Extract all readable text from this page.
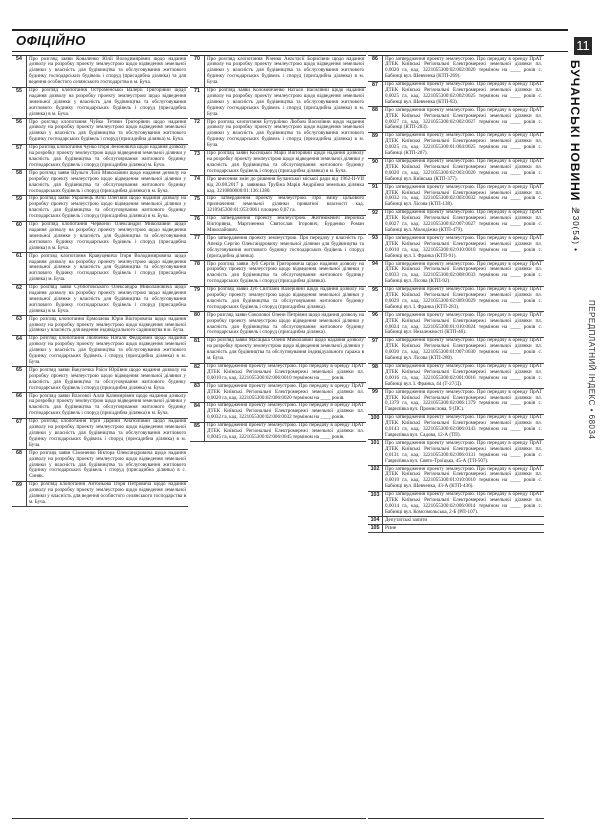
ОФІЦІЙНО	11
БУЧАНСЬКІ НОВИНИ №30(54) •
ПЕРЕДПЛАТНИЙ ІНДЕКС • 68034
54	Про розгляд заяви Коваленко Юлії Володимирівни щодо надання дозволу на розробку проекту землеустрою щодо відведення земельної ділянки у власність для будівництва та обслуговування житлового будинку господарських будівель і споруд (присадибна ділянка) та для ведення особистого селянського господарства в м. Буча.
55	Про розгляд клопотання Остроменської Валерії Григорівни щодо надання дозволу на розробку проекту землеустрою щодо відведення земельної ділянки у власність для будівництва та обслуговування житлового будинку господарських будівель і споруд (присадибна ділянка) в м. Буча.
56	Про розгляд клопотання Чуйко Тетяни Григорівни щодо надання дозволу на розробку проекту землеустрою щодо відведення земельної ділянки у власність для будівництва та обслуговування житлового будинку господарських будівель і споруд (присадибна ділянка) м. Буча.
57	Про розгляд клопотання Чуйко Ігоря Зеноновича щодо надання дозволу на розробку проекту землеустрою щодо відведення земельної ділянки у власність для будівництва та обслуговування житлового будинку господарських будівель і споруд (присадибна ділянка) м. Буча.
58	Про розгляд заяви Шульги Лілії Миколаївни щодо надання дозволу на розробку проекту землеустрою щодо відведення земельної ділянки у власність для будівництва та обслуговування житлового будинку господарських будівель і споруд (присадибна ділянка) в м. Буча.
59	Про розгляд заяви Українець Юлії Олегівни щодо надання дозволу на розробку проекту землеустрою щодо відведення земельної ділянки у власність для будівництва та обслуговування житлового будинку господарських будівель і споруд (присадибна ділянка) в м. Буча.
60	Про розгляд клопотання Червоної Олександри Миколаївни щодо надання дозволу на розробку проекту землеустрою щодо відведення земельної ділянки у власність для будівництва та обслуговування житлового будинку господарських будівель і споруд (присадибна ділянка) в м. Буча.
61	Про розгляд клопотання Кравуцевича Ігоря Володимировича щодо надання дозволу на розробку проекту землеустрою щодо відведення земельної ділянки у власність для будівництва та обслуговування житлового будинку господарських будівель і споруд (присадибна ділянка) м. Буча.
62	Про розгляд заяви Субботовського Олександра Миколайовича щодо надання дозволу на розробку проекту землеустрою щодо відведення земельної ділянки у власність для будівництва та обслуговування житлового будинку господарських будівель і споруд (присадибна ділянка) в м. Буча.
63	Про розгляд клопотання Ермолаєва Юрія Вікторовича щодо надання дозволу на розробку проекту землеустрою щодо відведення земельної ділянки у власність для ведення індивідуального садівництва в м. Буча.
64	Про розгляд клопотання Любченко Наталії Федорівни щодо надання дозволу на розробку проекту землеустрою щодо відведення земельної ділянки у власність для будівництва та обслуговування житлового будинку господарських будівель і споруд (присадибна ділянка) в м. Буча.
65	Про розгляд заяви Вакулечка Раїси Юріївни щодо надання дозволу на розробку проекту землеустрою щодо відведення земельної ділянки у власність для будівництва та обслуговування житлового будинку господарських будівель і споруд (присадибна ділянка) м. Буча.
66	Про розгляд заяви Власової Алли Казимирівни щодо надання дозволу на розробку проекту землеустрою щодо відведення земельної ділянки у власність для будівництва та обслуговування житлового будинку господарських будівель і споруд (присадибна ділянка) в м. Буча.
67	Про розгляд клопотання Ігрій Дарини Анатоліївни щодо надання дозволу на розробку проекту землеустрою щодо відведення земельної ділянки у власність для будівництва та обслуговування житлового будинку господарських будівель і споруд (присадибна ділянка) в м. Буча.
68	Про розгляд заяви Сімоненко Віктора Олександровича щодо надання дозволу на розробку проекту землеустрою щодо відведення земельної ділянки у власність для будівництва та обслуговування житлового будинку господарських будівель і споруд (присадибна ділянка) в с. Синяк.
69	Про розгляд клопотання Антоньова Ігоря Петровича щодо надання дозволу на розробку проекту землеустрою щодо відведення земельної ділянки у власність для ведення особистого селянського господарства в м. Буча.
70	Про розгляд клопотання Різенко Анастасії Борисівни щодо надання дозволу на розробку проекту землеустрою щодо відведення земельної ділянки у власність для будівництва та обслуговування житлового будинку господарських будівель і споруд (присадибна ділянка) в м. Буча.
71	Про розгляд заяви Коломийченко Наталії Василівни щодо надання дозволу на розробку проекту землеустрою щодо відведення земельної ділянки у власність для будівництва та обслуговування житлового будинку господарських будівель і споруд (присадибна ділянка) в м. Буча.
72	Про розгляд клопотання Бутурлінко Любові Василівни щодо надання дозволу на розробку проекту землеустрою щодо відведення земельної ділянки у власність для будівництва та обслуговування житлового будинку господарських будівель і споруд (присадибна ділянка) в м. Буча.
73	Про розгляд заяви Косицької Марії Вікторівни щодо надання дозволу на розробку проекту землеустрою щодо відведення земельної ділянки у власність для будівництва та обслуговування житлового будинку господарських будівель і споруд (присадибна ділянка) в м. Буча.
74	Про внесення змін до рішення Бучанської міської ради від 1962-II-VII від 20.08.2017 р. заявника Трубіна Марія Андріївна земельна ділянка кад. 3210800000:01:136:1380.
75	Про затвердження проекту землеустрою. Про зміну цільового призначення земельної ділянки приватної власності кад. 3210945300:01:053:0061 площею 0,07 га.
76	Про затвердження проекту землеустрою. Житнюкевич Вероніка Вікторівна, Мартиненко Святослав Ігорович, Бурденко Роман Миколайович.
77	Про затвердження проекту землеустрою. Про передачу у власність гр. Апекір Сергію Олександровичу земельної ділянки для будівництва та обслуговування житлового будинку господарських будівель і споруд (присадибна ділянка).
78	Про розгляд заяви Зуб Сергія Григоровича щодо надання дозволу на розробку проекту землеустрою щодо відведення земельної ділянки у власність для будівництва та обслуговування житлового будинку господарських будівель і споруд (присадибна ділянка).
79	Про розгляд заяви Зуб Світлани Валеріївни щодо надання дозволу на розробку проекту землеустрою щодо відведення земельної ділянки у власність для будівництва та обслуговування житлового будинку господарських будівель і споруд (присадибна ділянка).
80	Про розгляд заяви Соколової Олени Петрівни щодо надання дозволу на розробку проекту землеустрою щодо відведення земельної ділянки у власність для будівництва та обслуговування житлового будинку господарських будівель і споруд (присадибна ділянка).
81	Про розгляд заяви Масацька Олени Миколаївни щодо надання дозволу на розробку проекту землеустрою щодо відведення земельної ділянки у власність для будівництва та обслуговування індивідуального гаража в м. Буча.
82	Про затвердження проекту землеустрою. Про передачу в оренду ПрАТ ДТЕК Київські Регіональні Електромережі земельної ділянки пл. 0,0010 га, кад. 3221055300:02:006:0010 терміном на ____ років.
83	Про затвердження проекту землеустрою. Про передачу в оренду ПрАТ ДТЕК Київські Регіональні Електромережі земельної ділянки пл. 0,0020 га, кад. 3221055300:02:006:0020 терміном на ____ років.
84	Про затвердження проекту землеустрою. Про передачу в оренду ПрАТ ДТЕК Київські Регіональні Електромережі земельної ділянки пл. 0,0032 га, кад. 3221055300:02:006:0032 терміном на ____ років.
85	Про затвердження проекту землеустрою. Про передачу в оренду ПрАТ ДТЕК Київські Регіональні Електромережі земельної ділянки пл. 0,0045 га, кад. 3221055300:02:006:0045 терміном на ____ років.
86	Про затвердження проекту землеустрою. Про передачу в оренду ПрАТ ДТЕК Київські Регіональні Електромережі земельної ділянки пл. 0,0020 га, кад. 3221055300:02:002:0020 терміном на ____ років с. Бабинці вул. Шевченка (КТП-269).
87	Про затвердження проекту землеустрою. Про передачу в оренду ПрАТ ДТЕК Київські Регіональні Електромережі земельної ділянки пл. 0,0025 га, кад. 3221055300:02:002:0025 терміном на ____ років с. Бабинці вул. Шевченка (КТП-83).
88	Про затвердження проекту землеустрою. Про передачу в оренду ПрАТ ДТЕК Київські Регіональні Електромережі земельної ділянки пл. 0,0027 га, кад. 3221055300:02:002:0027 терміном на ____ років с. Бабинці (КТП-283).
89	Про затвердження проекту землеустрою. Про передачу в оренду ПрАТ ДТЕК Київські Регіональні Електромережі земельної ділянки пл. 0,0025 га, кад. 3221055300:01:004:0025 терміном на ____ років с. Бабинці (КТП-207).
90	Про затвердження проекту землеустрою. Про передачу в оренду ПрАТ ДТЕК Київські Регіональні Електромережі земельної ділянки пл. 0,0020 га, кад. 3221055300:02:003:0020 терміном на ____ років с. Бабинці вул. Київська (КТП-377).
91	Про затвердження проекту землеустрою. Про передачу в оренду ПрАТ ДТЕК Київські Регіональні Електромережі земельної ділянки пл. 0,0032 га, кад. 3221055300:02:003:0032 терміном на ____ років с. Бабинці вул. Лісова (КТП-138).
92	Про затвердження проекту землеустрою. Про передачу в оренду ПрАТ ДТЕК Київські Регіональні Електромережі земельної ділянки пл. 0,0027 га, кад. 3221055300:02:007:0027 терміном на ____ років с. Бабинці вул. Молодіжна (КТП-479).
93	Про затвердження проекту землеустрою. Про передачу в оренду ПрАТ ДТЕК Київські Регіональні Електромережі земельної ділянки пл. 0,0010 га, кад. 3221055300:02:010:0010 терміном на ____ років с. Бабинці вул. І. Франка (КТП-91).
94	Про затвердження проекту землеустрою. Про передачу в оренду ПрАТ ДТЕК Київські Регіональні Електромережі земельної ділянки пл. 0,0033 га, кад. 3221055300:02:008:0033 терміном на ____ років с. Бабинці вул. Лісова (КТП-92).
95	Про затвердження проекту землеустрою. Про передачу в оренду ПрАТ ДТЕК Київські Регіональні Електромережі земельної ділянки пл. 0,0029 га, кад. 3221055300:02:009:0029 терміном на ____ років с. Бабинці вул. І. Франка (КТП-283).
96	Про затвердження проекту землеустрою. Про передачу в оренду ПрАТ ДТЕК Київські Регіональні Електромережі земельної ділянки пл. 0,0024 га, кад. 3221055300:01:010:0024 терміном на ____ років с. Бабинці вул. Незалежності (КТП-46).
97	Про затвердження проекту землеустрою. Про передачу в оренду ПрАТ ДТЕК Київські Регіональні Електромережі земельної ділянки пл. 0,0030 га, кад. 3221055300:01:007:0030 терміном на ____ років с. Бабинці вул. Лісова (КТП-280).
98	Про затвердження проекту землеустрою. Про передачу в оренду ПрАТ ДТЕК Київські Регіональні Електромережі земельної ділянки пл. 0,0016 га, кад. 3221055300:02:001:0016 терміном на ____ років с. Бабинці вул. І. Франка, 44 (Т-27/Д).
99	Про затвердження проекту землеустрою. Про передачу в оренду ПрАТ ДТЕК Київські Регіональні Електромережі земельної ділянки пл. 0,1379 га, кад. 3221055300:02:006:1379 терміном на ____ років с. Гаврилівка вул. Промислова, 9 (ПС).
100	Про затвердження проекту землеустрою. Про передачу в оренду ПрАТ ДТЕК Київські Регіональні Електромережі земельної ділянки пл. 0,0143 га, кад. 3221055300:02:006:0143 терміном на ____ років с. Гаврилівка вул. Садова, 12-А (ТП).
101	Про затвердження проекту землеустрою. Про передачу в оренду ПрАТ ДТЕК Київські Регіональні Електромережі земельної ділянки пл. 0,0131 га, кад. 3221055300:02:006:0131 терміном на ____ років с. Гаврилівка вул. Свято-Троїцька, 45-А (ТП-507).
102	Про затвердження проекту землеустрою. Про передачу в оренду ПрАТ ДТЕК Київські Регіональні Електромережі земельної ділянки пл. 0,0010 га, кад. 3221055300:01:010:0010 терміном на ____ років с. Бабинці вул. Шевченка, 43-А (КТП-436).
103	Про затвердження проекту землеустрою. Про передачу в оренду ПрАТ ДТЕК Київські Регіональні Електромережі земельної ділянки пл. 0,0014 га, кад. 3221055300:02:006:0014 терміном на ____ років с. Бабинці вул. Комсомольська, 2-Б (РП-107).
104	Депутатські запити
105	Різне
